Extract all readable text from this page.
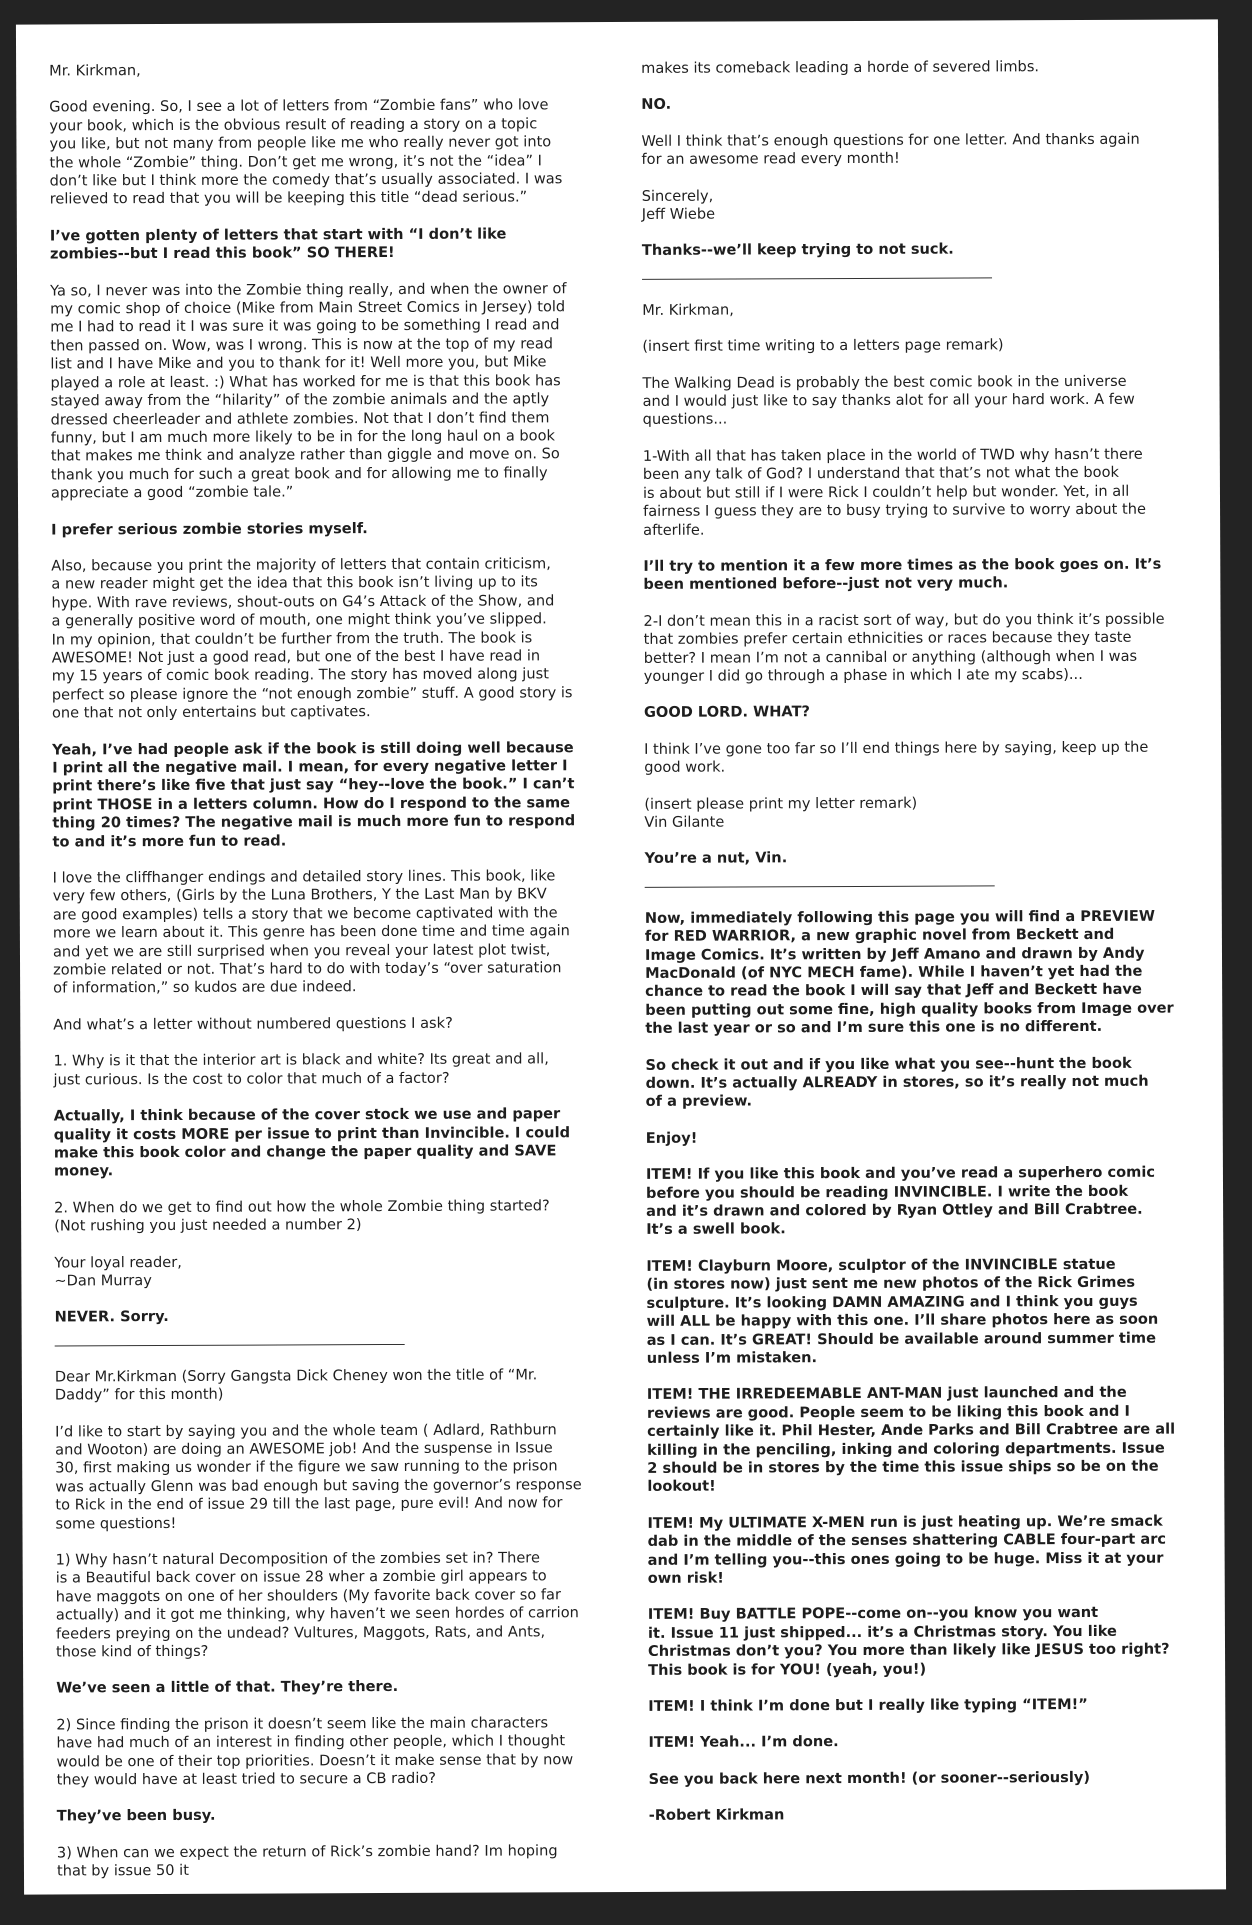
Mr. Kirkman,

Good evening. So, I see a lot of letters from “Zombie fans” who love
your book, which is the obvious result of reading a story on a topic
you like, but not many from people like me who really never got into
the whole “Zombie” thing. Don’t get me wrong, it’s not the “idea” I
don’t like but I think more the comedy that’s usually associated. I was
relieved to read that you will be keeping this title “dead serious.”

I’ve gotten plenty of letters that start with “I don’t like
zombies--but I read this book” SO THERE!

Ya so, I never was into the Zombie thing really, and when the owner of
my comic shop of choice (Mike from Main Street Comics in Jersey) told
me I had to read it I was sure it was going to be something I read and
then passed on. Wow, was I wrong. This is now at the top of my read
list and I have Mike and you to thank for it! Well more you, but Mike
played a role at least. :) What has worked for me is that this book has
stayed away from the “hilarity” of the zombie animals and the aptly
dressed cheerleader and athlete zombies. Not that I don’t find them
funny, but I am much more likely to be in for the long haul on a book
that makes me think and analyze rather than giggle and move on. So
thank you much for such a great book and for allowing me to finally
appreciate a good “zombie tale.”

I prefer serious zombie stories myself.

Also, because you print the majority of letters that contain criticism,
a new reader might get the idea that this book isn’t living up to its
hype. With rave reviews, shout-outs on G4’s Attack of the Show, and
a generally positive word of mouth, one might think you’ve slipped.
In my opinion, that couldn’t be further from the truth. The book is
AWESOME! Not just a good read, but one of the best I have read in
my 15 years of comic book reading. The story has moved along just
perfect so please ignore the “not enough zombie” stuff. A good story is
one that not only entertains but captivates.

Yeah, I’ve had people ask if the book is still doing well because
I print all the negative mail. I mean, for every negative letter I
print there’s like five that just say “hey--love the book.” I can’t
print THOSE in a letters column. How do I respond to the same
thing 20 times? The negative mail is much more fun to respond
to and it’s more fun to read.

I love the cliffhanger endings and detailed story lines. This book, like
very few others, (Girls by the Luna Brothers, Y the Last Man by BKV
are good examples) tells a story that we become captivated with the
more we learn about it. This genre has been done time and time again
and yet we are still surprised when you reveal your latest plot twist,
zombie related or not. That’s hard to do with today’s “over saturation
of information,” so kudos are due indeed.

And what’s a letter without numbered questions I ask?

1. Why is it that the interior art is black and white? Its great and all,
just curious. Is the cost to color that much of a factor?

Actually, I think because of the cover stock we use and paper
quality it costs MORE per issue to print than Invincible. I could
make this book color and change the paper quality and SAVE
money.

2. When do we get to find out how the whole Zombie thing started?
(Not rushing you just needed a number 2)

Your loyal reader,
~Dan Murray

NEVER. Sorry.

Dear Mr.Kirkman (Sorry Gangsta Dick Cheney won the title of “Mr.
Daddy” for this month)

I’d like to start by saying you and the whole team ( Adlard, Rathburn
and Wooton) are doing an AWESOME job! And the suspense in Issue
30, first making us wonder if the figure we saw running to the prison
was actually Glenn was bad enough but saving the governor’s response
to Rick in the end of issue 29 till the last page, pure evil! And now for
some questions!

1) Why hasn’t natural Decomposition of the zombies set in? There
is a Beautiful back cover on issue 28 wher a zombie girl appears to
have maggots on one of her shoulders (My favorite back cover so far
actually) and it got me thinking, why haven’t we seen hordes of carrion
feeders preying on the undead? Vultures, Maggots, Rats, and Ants,
those kind of things?

We’ve seen a little of that. They’re there.

2) Since finding the prison it doesn’t seem like the main characters
have had much of an interest in finding other people, which I thought
would be one of their top priorities. Doesn’t it make sense that by now
they would have at least tried to secure a CB radio?

They’ve been busy.

3) When can we expect the return of Rick’s zombie hand? Im hoping
that by issue 50 it

makes its comeback leading a horde of severed limbs.

NO.

Well I think that’s enough questions for one letter. And thanks again
for an awesome read every month!

Sincerely,
Jeff Wiebe

Thanks--we’ll keep trying to not suck.

Mr. Kirkman,

(insert first time writing to a letters page remark)

The Walking Dead is probably the best comic book in the universe
and I would just like to say thanks alot for all your hard work. A few
questions...

1-With all that has taken place in the world of TWD why hasn’t there
been any talk of God? I understand that that’s not what the book
is about but still if I were Rick I couldn’t help but wonder. Yet, in all
fairness I guess they are to busy trying to survive to worry about the
afterlife.

I’ll try to mention it a few more times as the book goes on. It’s
been mentioned before--just not very much.

2-I don’t mean this in a racist sort of way, but do you think it’s possible
that zombies prefer certain ethnicities or races because they taste
better? I mean I’m not a cannibal or anything (although when I was
younger I did go through a phase in which I ate my scabs)...

GOOD LORD. WHAT?

I think I’ve gone too far so I’ll end things here by saying, keep up the
good work.

(insert please print my letter remark)
Vin Gilante

You’re a nut, Vin.

Now, immediately following this page you will find a PREVIEW
for RED WARRIOR, a new graphic novel from Beckett and
Image Comics. It’s written by Jeff Amano and drawn by Andy
MacDonald (of NYC MECH fame). While I haven’t yet had the
chance to read the book I will say that Jeff and Beckett have
been putting out some fine, high quality books from Image over
the last year or so and I’m sure this one is no different.

So check it out and if you like what you see--hunt the book
down. It’s actually ALREADY in stores, so it’s really not much
of a preview.

Enjoy!

ITEM! If you like this book and you’ve read a superhero comic
before you should be reading INVINCIBLE. I write the book
and it’s drawn and colored by Ryan Ottley and Bill Crabtree.
It’s a swell book.

ITEM! Clayburn Moore, sculptor of the INVINCIBLE statue
(in stores now) just sent me new photos of the Rick Grimes
sculpture. It’s looking DAMN AMAZING and I think you guys
will ALL be happy with this one. I’ll share photos here as soon
as I can. It’s GREAT! Should be available around summer time
unless I’m mistaken.

ITEM! THE IRREDEEMABLE ANT-MAN just launched and the
reviews are good. People seem to be liking this book and I
certainly like it. Phil Hester, Ande Parks and Bill Crabtree are all
killing in the penciling, inking and coloring departments. Issue
2 should be in stores by the time this issue ships so be on the
lookout!

ITEM! My ULTIMATE X-MEN run is just heating up. We’re smack
dab in the middle of the senses shattering CABLE four-part arc
and I’m telling you--this ones going to be huge. Miss it at your
own risk!

ITEM! Buy BATTLE POPE--come on--you know you want
it. Issue 11 just shipped... it’s a Christmas story. You like
Christmas don’t you? You more than likely like JESUS too right?
This book is for YOU! (yeah, you!)

ITEM! I think I’m done but I really like typing “ITEM!”

ITEM! Yeah... I’m done.

See you back here next month! (or sooner--seriously)

-Robert Kirkman
